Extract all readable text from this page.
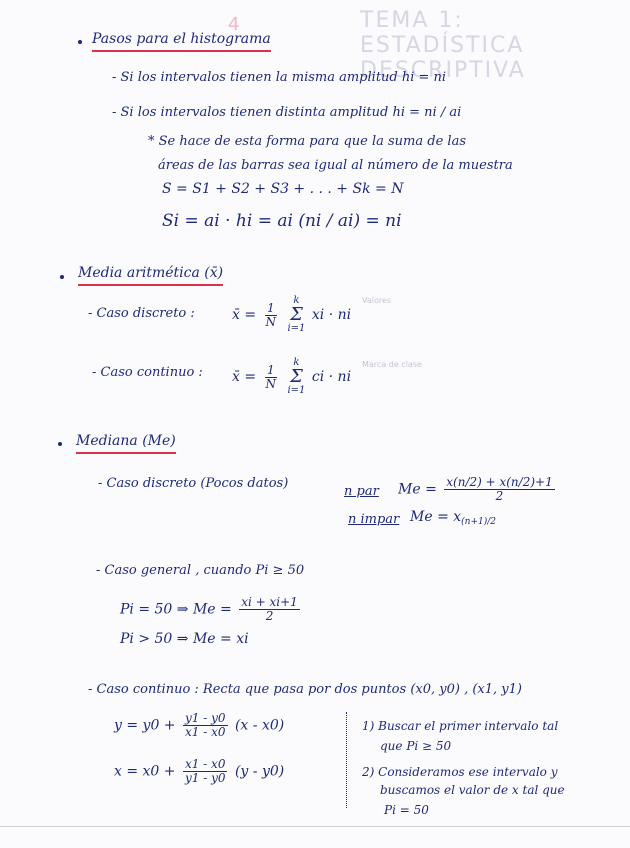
TEMA 1: ESTADÍSTICA DESCRIPTIVA
4
Pasos para el histograma
- Si los intervalos tienen la misma amplitud hi = ni
- Si los intervalos tienen distinta amplitud hi = ni / ai
* Se hace de esta forma para que la suma de las
áreas de las barras sea igual al número de la muestra
S = S1 + S2 + S3 + . . . + Sk = N
Si = ai · hi = ai (ni / ai) = ni
Media aritmética (x̄)
- Caso discreto :	x̄ = $\frac{1}{N}$

k
Σ
i=1
xi · ni
Valores
- Caso continuo : x̄ = $\frac{1}{N}$

k
Σ
i=1
ci · ni
Marca de clase
Mediana (Me)
- Caso discreto (Pocos datos)
n par $Me = \frac{x(n/2) + x(n/2)+1}{2}$
n impar $Me = x_{(n+1)/2}$
- Caso general , cuando Pi ≥ 50
Pi = 50 ⇒ $Me = \frac{xi + xi+1}{2}$
Pi > 50 ⇒ Me = xi
- Caso continuo : Recta que pasa por dos puntos (x0, y0) , (x1, y1)
$y = y0 + \frac{y1 - y0}{x1 - x0} (x - x0)$
$x = x0 + \frac{x1 - x0}{y1 - y0} (y - y0)$
1) Buscar el primer intervalo tal
que Pi ≥ 50
2) Consideramos ese intervalo y
buscamos el valor de x tal que
Pi = 50
